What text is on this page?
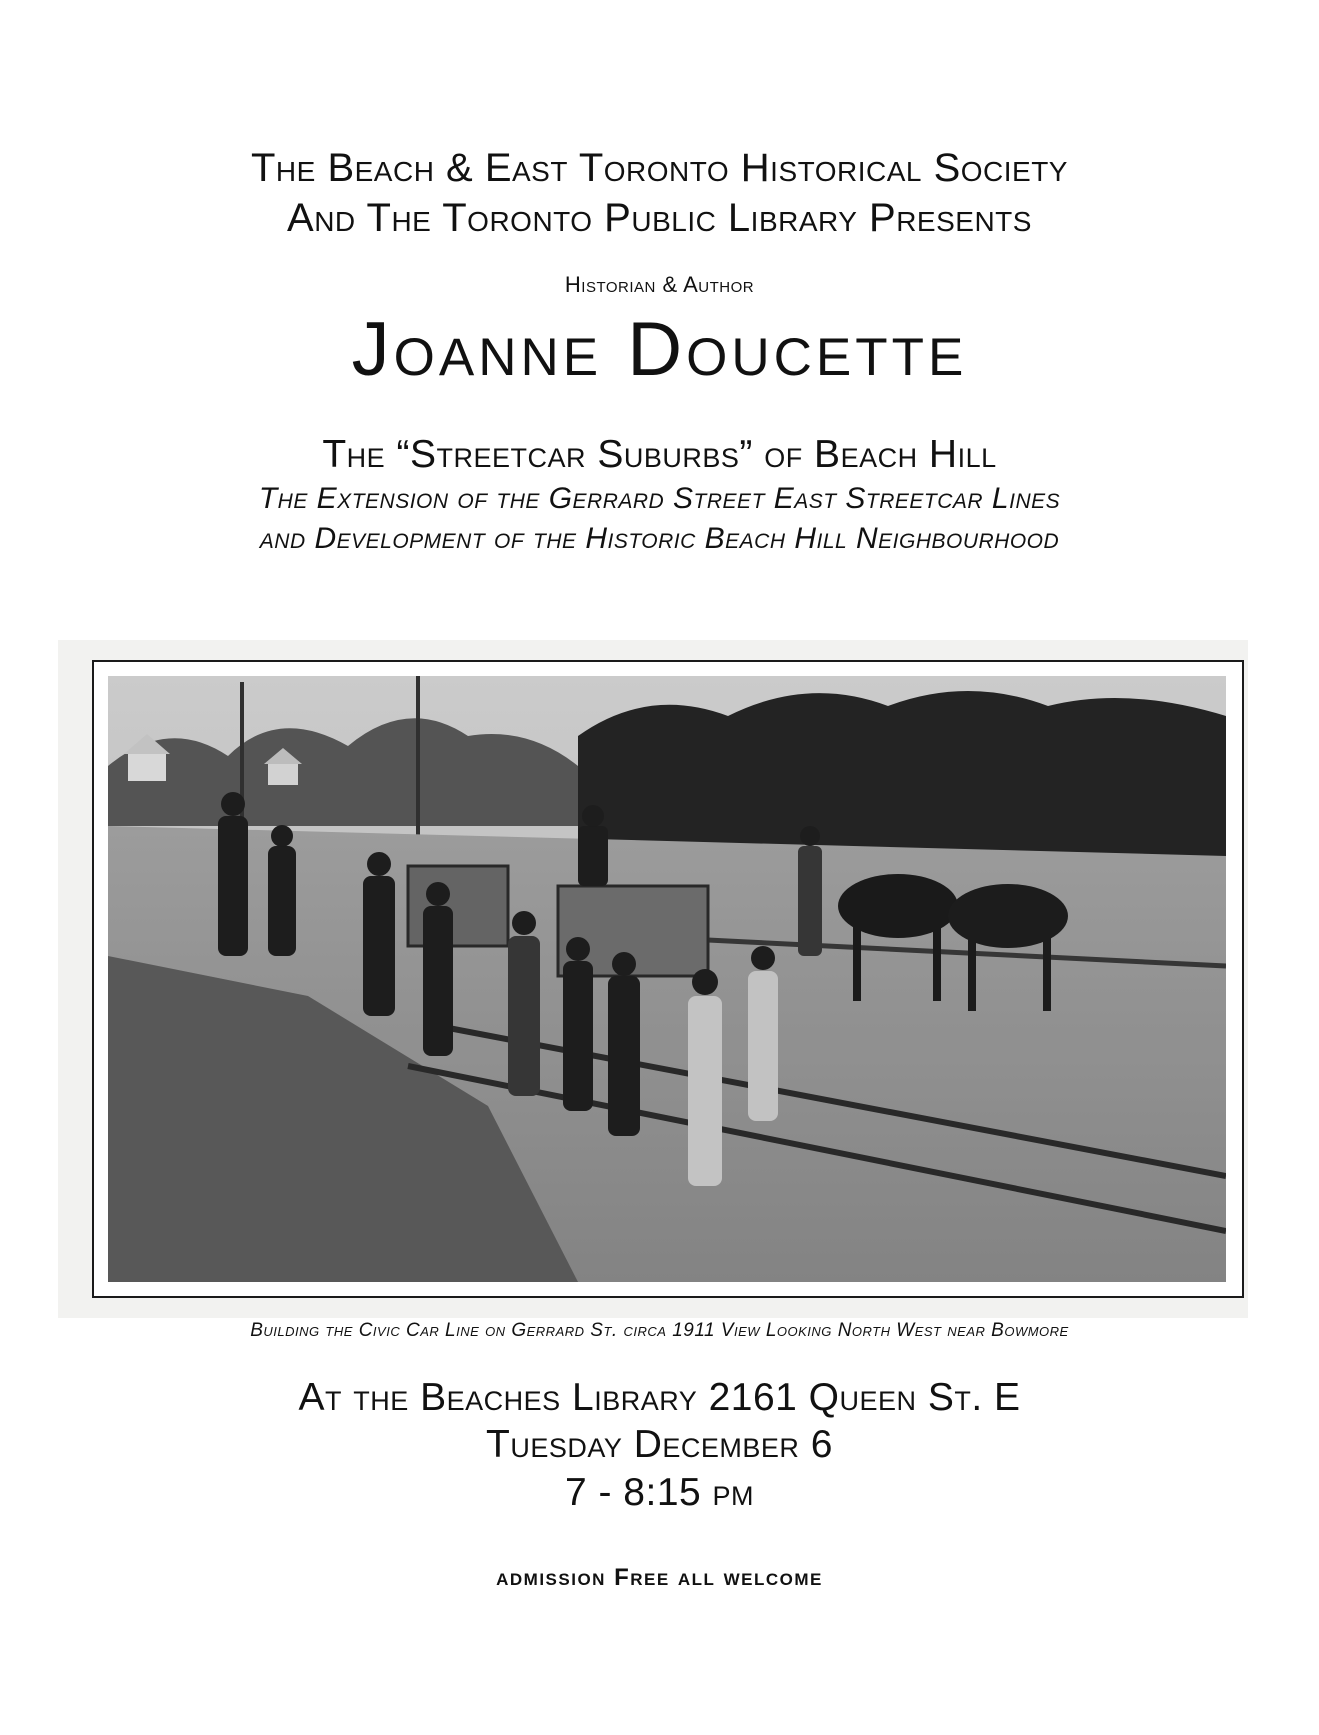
The Beach & East Toronto Historical Society
And The Toronto Public Library Presents
Historian & Author
Joanne Doucette
The “Streetcar Suburbs” of Beach Hill
The Extension of the Gerrard Street East Streetcar Lines
and Development of the Historic Beach Hill Neighbourhood
Building the Civic Car Line on Gerrard St. circa 1911 View Looking North West near Bowmore
At the Beaches Library 2161 Queen St. E
Tuesday December 6
7 - 8:15 pm
admission Free all welcome
